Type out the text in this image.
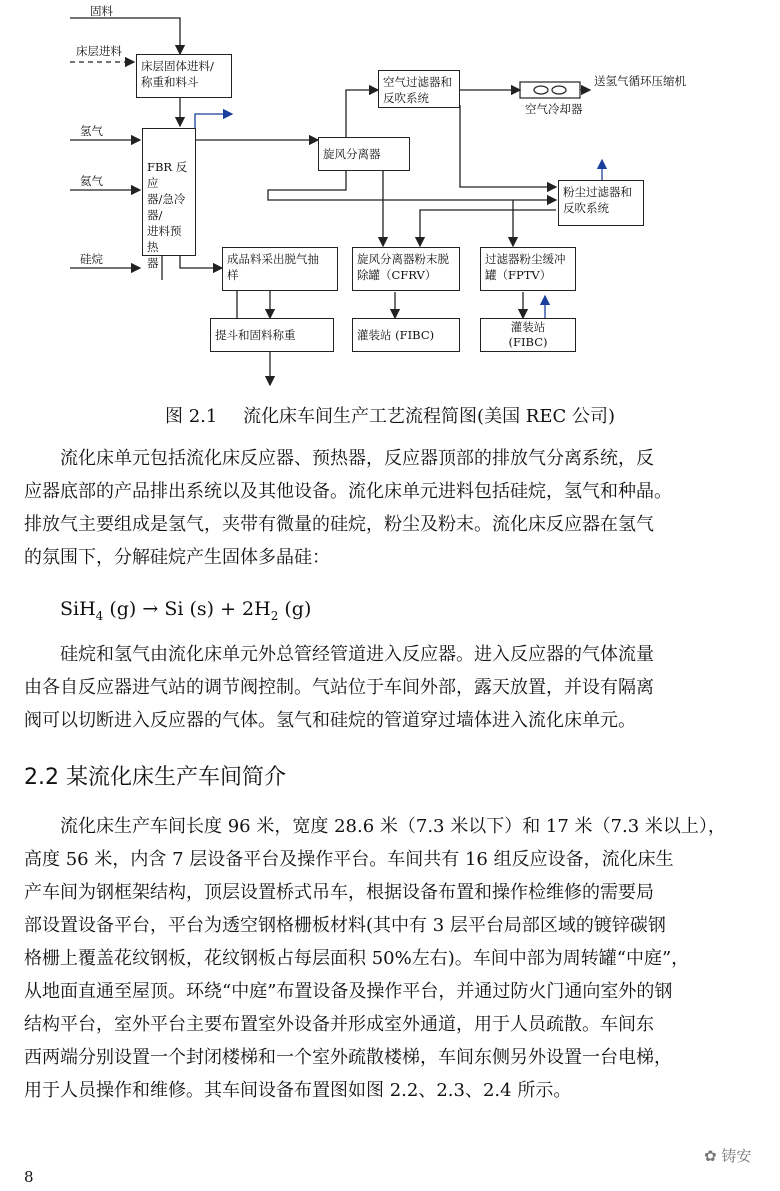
固料
床层进料
氢气
氦气
硅烷
送氢气循环压缩机
空气冷却器
床层固体进料/
称重和料斗
FBR 反应
器/急冷器/
进料预热
器
空气过滤器和
反吹系统
旋风分离器
粉尘过滤器和
反吹系统
成品料采出脱气抽
样
旋风分离器粉末脱
除罐（CFRV）
过滤器粉尘缓冲
罐（FPTV）
提斗和固料称重	灌装站 (FIBC)
灌装站
(FIBC)
图 2.1 流化床车间生产工艺流程简图(美国 REC 公司)

流化床单元包括流化床反应器、预热器，反应器顶部的排放气分离系统，反
应器底部的产品排出系统以及其他设备。流化床单元进料包括硅烷，氢气和种晶。
排放气主要组成是氢气，夹带有微量的硅烷，粉尘及粉末。流化床反应器在氢气
的氛围下，分解硅烷产生固体多晶硅：

SiH$_4$ (g) → Si $(s) + 2H_2$ (g)

硅烷和氢气由流化床单元外总管经管道进入反应器。进入反应器的气体流量
由各自反应器进气站的调节阀控制。气站位于车间外部，露天放置，并设有隔离
阀可以切断进入反应器的气体。氢气和硅烷的管道穿过墙体进入流化床单元。

2.2 某流化床生产车间简介

流化床生产车间长度 96 米，宽度 28.6 米（7.3 米以下）和 17 米（7.3 米以上），
高度 56 米，内含 7 层设备平台及操作平台。车间共有 16 组反应设备，流化床生
产车间为钢框架结构，顶层设置桥式吊车，根据设备布置和操作检维修的需要局
部设置设备平台，平台为透空钢格栅板材料(其中有 3 层平台局部区域的镀锌碳钢
格栅上覆盖花纹钢板，花纹钢板占每层面积 50%左右)。车间中部为周转罐“中庭”，
从地面直通至屋顶。环绕“中庭”布置设备及操作平台，并通过防火门通向室外的钢
结构平台，室外平台主要布置室外设备并形成室外通道，用于人员疏散。车间东
西两端分别设置一个封闭楼梯和一个室外疏散楼梯，车间东侧另外设置一台电梯，
用于人员操作和维修。其车间设备布置图如图 2.2、2.3、2.4 所示。

8
✿ 铸安
